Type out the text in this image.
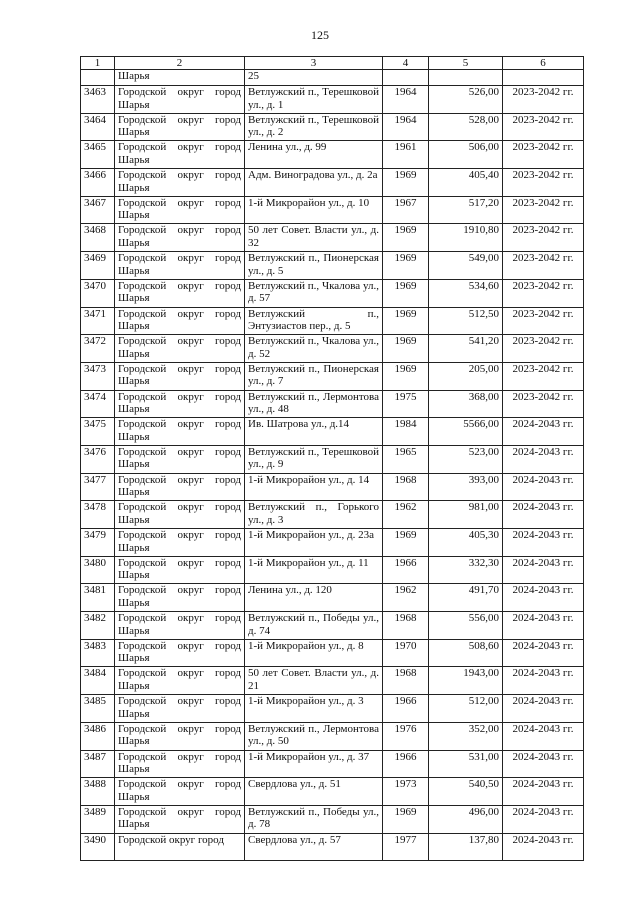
125
1	2	3	4	5	6
	Шарья	25			
3463	Городской округ город Шарья	Ветлужский п., Терешковой ул., д. 1	1964	526,00	2023-2042 гг.
3464	Городской округ город Шарья	Ветлужский п., Терешковой ул., д. 2	1964	528,00	2023-2042 гг.
3465	Городской округ город Шарья	Ленина ул., д. 99	1961	506,00	2023-2042 гг.
3466	Городской округ город Шарья	Адм. Виноградова ул., д. 2а	1969	405,40	2023-2042 гг.
3467	Городской округ город Шарья	1-й Микрорайон ул., д. 10	1967	517,20	2023-2042 гг.
3468	Городской округ город Шарья	50 лет Совет. Власти ул., д. 32	1969	1910,80	2023-2042 гг.
3469	Городской округ город Шарья	Ветлужский п., Пионерская ул., д. 5	1969	549,00	2023-2042 гг.
3470	Городской округ город Шарья	Ветлужский п., Чкалова ул., д. 57	1969	534,60	2023-2042 гг.
3471	Городской округ город Шарья	Ветлужский п., Энтузиастов пер., д. 5	1969	512,50	2023-2042 гг.
3472	Городской округ город Шарья	Ветлужский п., Чкалова ул., д. 52	1969	541,20	2023-2042 гг.
3473	Городской округ город Шарья	Ветлужский п., Пионерская ул., д. 7	1969	205,00	2023-2042 гг.
3474	Городской округ город Шарья	Ветлужский п., Лермонтова ул., д. 48	1975	368,00	2023-2042 гг.
3475	Городской округ город Шарья	Ив. Шатрова ул., д.14	1984	5566,00	2024-2043 гг.
3476	Городской округ город Шарья	Ветлужский п., Терешковой ул., д. 9	1965	523,00	2024-2043 гг.
3477	Городской округ город Шарья	1-й Микрорайон ул., д. 14	1968	393,00	2024-2043 гг.
3478	Городской округ город Шарья	Ветлужский п., Горького ул., д. 3	1962	981,00	2024-2043 гг.
3479	Городской округ город Шарья	1-й Микрорайон ул., д. 23а	1969	405,30	2024-2043 гг.
3480	Городской округ город Шарья	1-й Микрорайон ул., д. 11	1966	332,30	2024-2043 гг.
3481	Городской округ город Шарья	Ленина ул., д. 120	1962	491,70	2024-2043 гг.
3482	Городской округ город Шарья	Ветлужский п., Победы ул., д. 74	1968	556,00	2024-2043 гг.
3483	Городской округ город Шарья	1-й Микрорайон ул., д. 8	1970	508,60	2024-2043 гг.
3484	Городской округ город Шарья	50 лет Совет. Власти ул., д. 21	1968	1943,00	2024-2043 гг.
3485	Городской округ город Шарья	1-й Микрорайон ул., д. 3	1966	512,00	2024-2043 гг.
3486	Городской округ город Шарья	Ветлужский п., Лермонтова ул., д. 50	1976	352,00	2024-2043 гг.
3487	Городской округ город Шарья	1-й Микрорайон ул., д. 37	1966	531,00	2024-2043 гг.
3488	Городской округ город Шарья	Свердлова ул., д. 51	1973	540,50	2024-2043 гг.
3489	Городской округ город Шарья	Ветлужский п., Победы ул., д. 78	1969	496,00	2024-2043 гг.
3490	Городской округ город	Свердлова ул., д. 57	1977	137,80	2024-2043 гг.
